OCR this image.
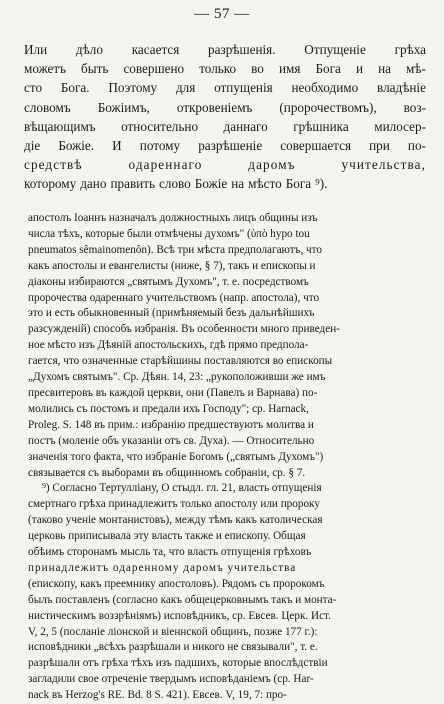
— 57 —
Или дѣло касается разрѣшенія. Отпущеніе грѣха
можетъ быть совершено только во имя Бога и на мѣ-
сто Бога. Поэтому для отпущенія необходимо владѣніе
словомъ Божіимъ, откровеніемъ (пророчествомъ), воз-
вѣщающимъ относительно даннаго грѣшника милосер-
діе Божіе. И потому разрѣшеніе совершается при по-
средствѣ	одареннаго	даромъ	учительства,
которому дано править слово Божіе на мѣсто Бога ⁹).
апостолъ Іоаннъ назначалъ должностныхъ лицъ общины изъ
числа тѣхъ, которые были отмѣчены духомъ" (ὑπὸ hypo tou
pneumatos sêmainomenôn). Всѣ три мѣста предполагаютъ, что
какъ апостолы и евангелисты (ниже, § 7), такъ и епископы и
діаконы избираются „святымъ Духомъ", т. е. посредствомъ
пророчества одареннаго учительствомъ (напр. апостола), что
это и есть обыкновенный (примѣняемый безъ дальнѣйшихъ
разсужденій) способъ избранія. Въ особенности много приведен-
ное мѣсто изъ Дѣяній апостольскихъ, гдѣ прямо предпола-
гается, что означенные старѣйшины поставляются во епископы
„Духомъ святымъ". Ср. Дѣян. 14, 23: „рукоположивши же имъ
пресвитеровъ въ каждой церкви, они (Павелъ и Варнава) по-
молились съ постомъ и предали ихъ Господу"; ср. Harnack,
Proleg. S. 148 въ прим.: избранію предшествуютъ молитва и
постъ (моленіе объ указаніи отъ св. Духа). — Относительно
значенія того факта, что избраніе Богомъ („святымъ Духомъ")
связывается съ выборами въ общинномъ собраніи, ср. § 7.
⁹) Согласно Тертулліану, О стыдл. гл. 21, власть отпущенія
смертнаго грѣха принадлежитъ только апостолу или пророку
(таково ученіе монтанистовъ), между тѣмъ какъ католическая
церковь приписывала эту власть также и епископу. Общая
обѣимъ сторонамъ мысль та, что власть отпущенія грѣховъ
принадлежитъ одаренному даромъ учительства
(епископу, какъ преемнику апостоловъ). Рядомъ съ пророкомъ
былъ поставленъ (согласно какъ общецерковнымъ такъ и монта-
нистическимъ воззрѣніямъ) исповѣдникъ, ср. Евсев. Церк. Ист.
V, 2, 5 (посланіе ліонской и віеннской общинъ, позже 177 г.):
исповѣдники „всѣхъ разрѣшали и никого не связывали", т. е.
разрѣшали отъ грѣха тѣхъ изъ падшихъ, которые впослѣдствіи
загладили свое отреченіе твердымъ исповѣданіемъ (ср. Har-
nack въ Herzog's RE. Bd. 8 S. 421). Евсев. V, 19, 7: про-
